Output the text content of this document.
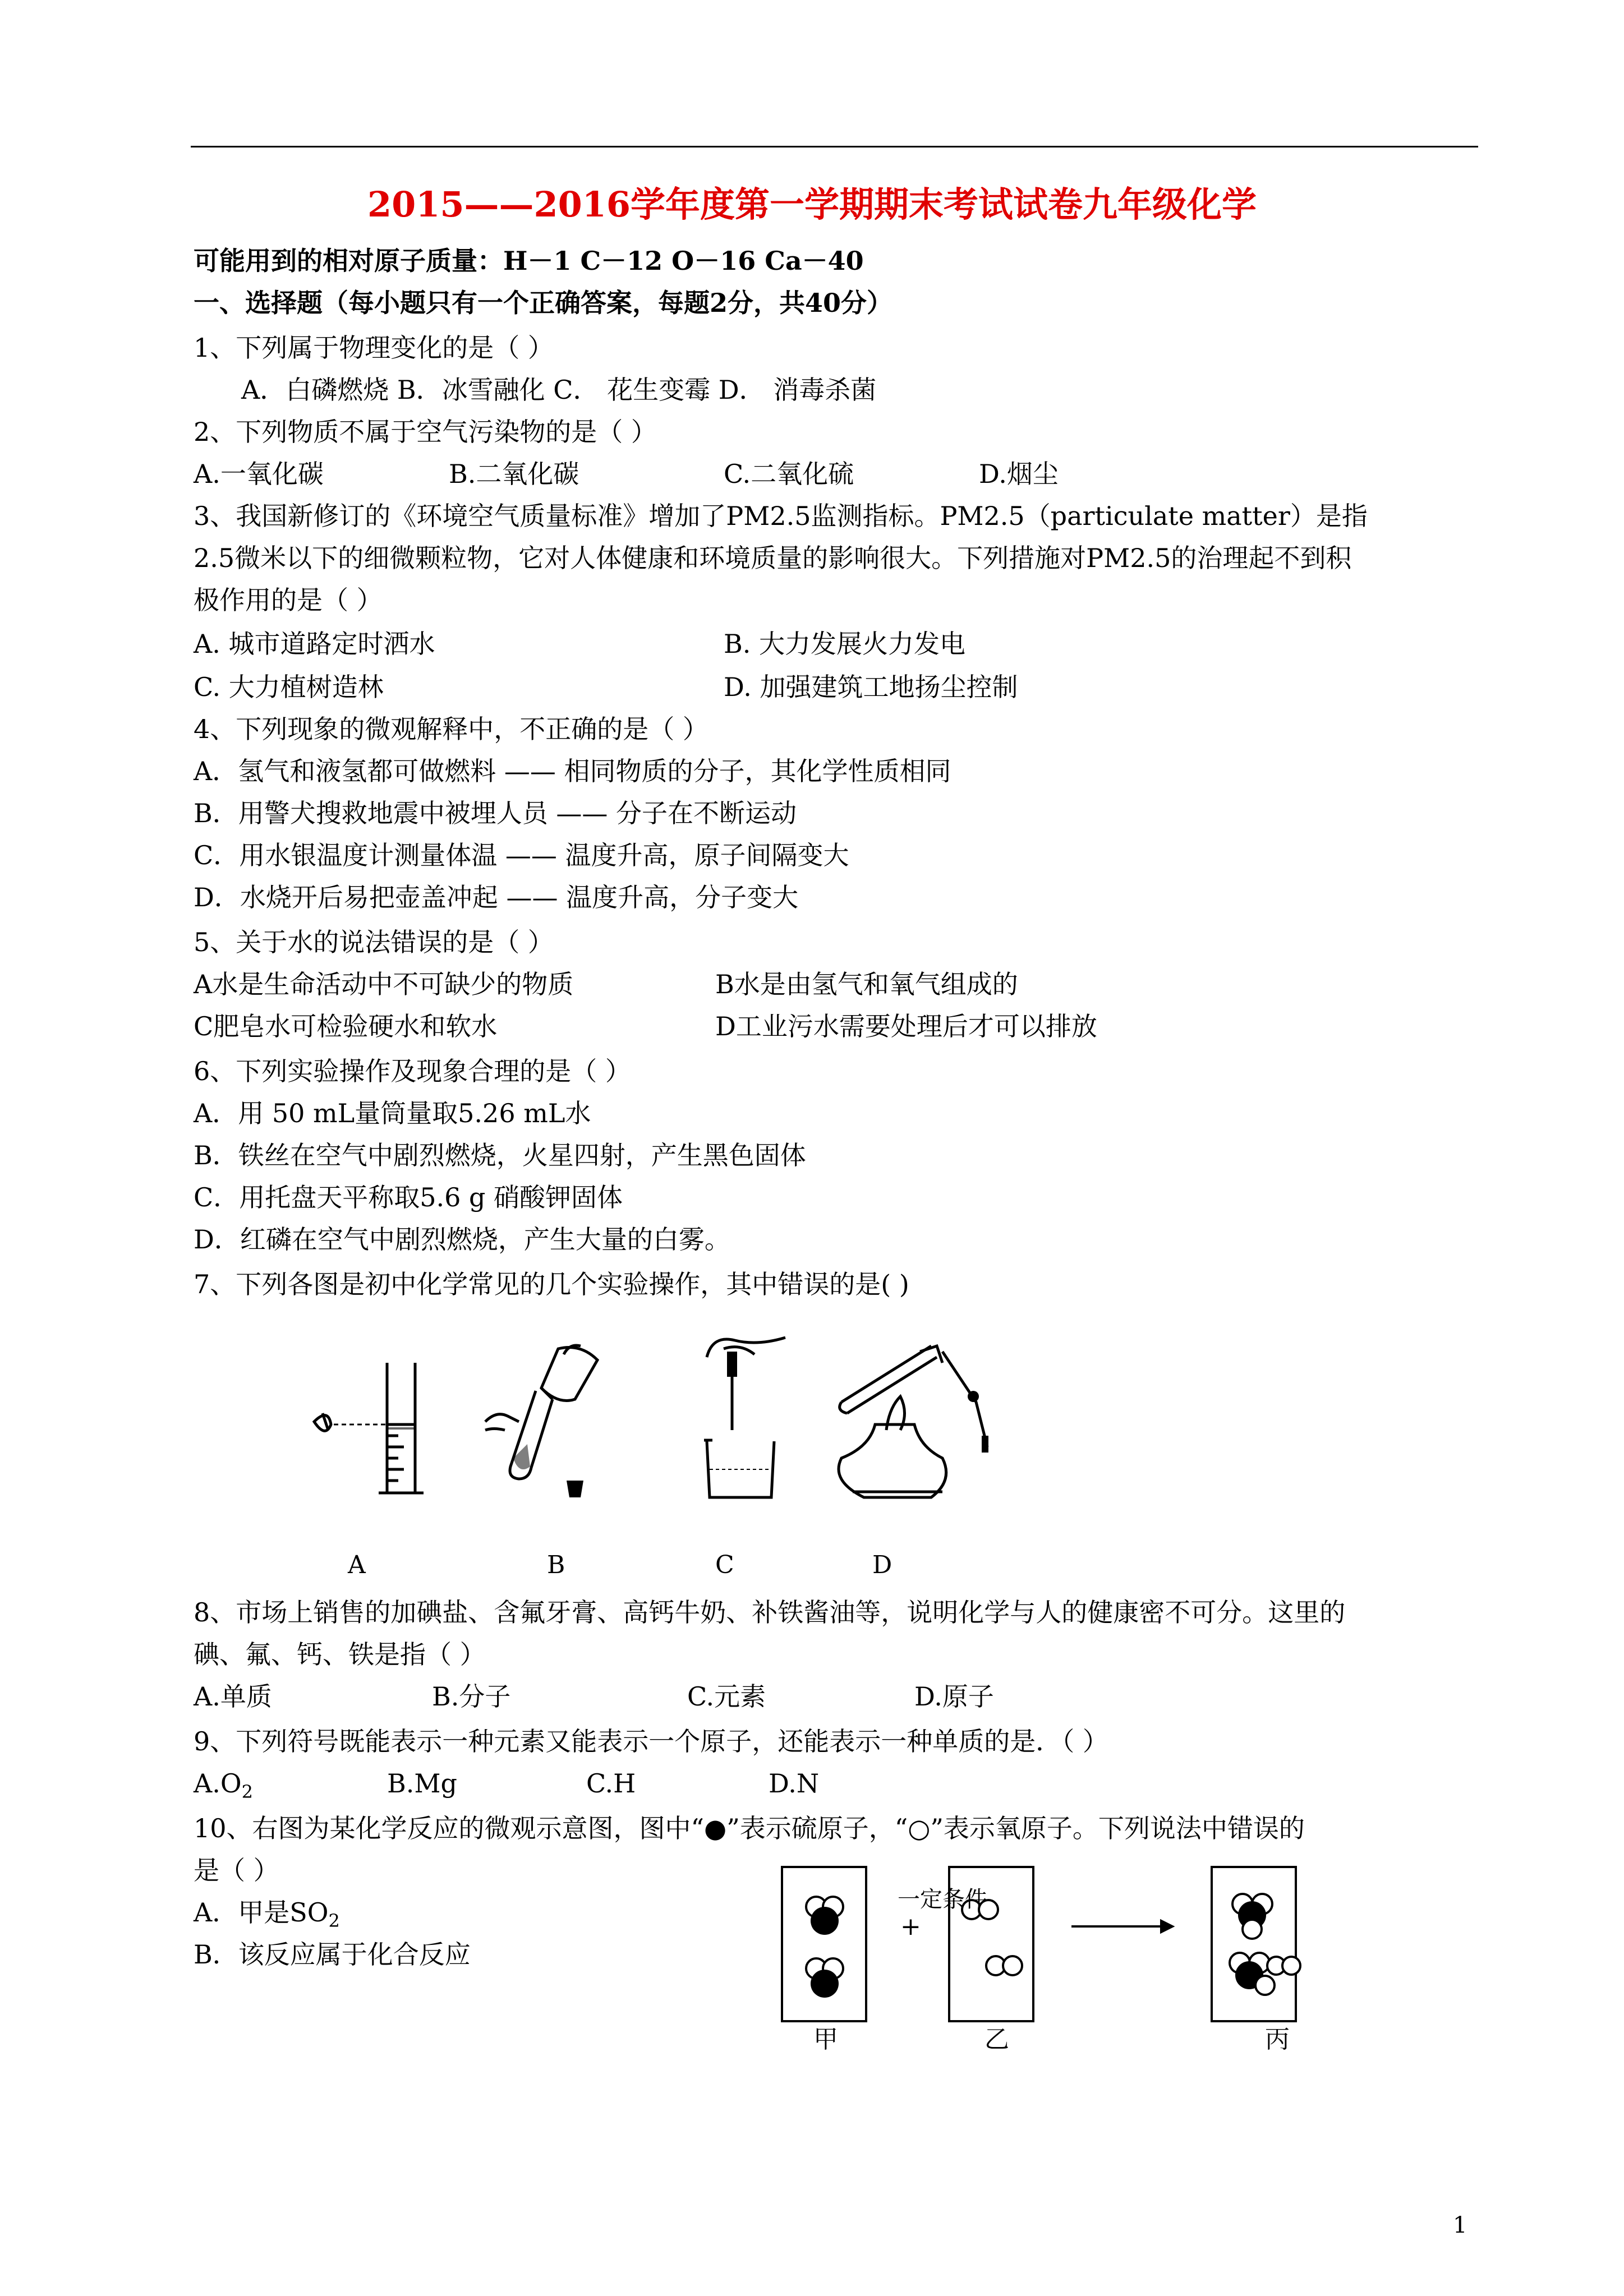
2015——2016学年度第一学期期末考试试卷九年级化学
可能用到的相对原子质量：H－1 C－12 O－16 Ca－40
一、选择题（每小题只有一个正确答案，每题2分，共40分）
1、下列属于物理变化的是（ ）
A．白磷燃烧 B．冰雪融化 C． 花生变霉 D． 消毒杀菌
2、下列物质不属于空气污染物的是（ ）
A.一氧化碳	B.二氧化碳	C.二氧化硫	D.烟尘
3、我国新修订的《环境空气质量标准》增加了PM2.5监测指标。PM2.5（particulate matter）是指
2.5微米以下的细微颗粒物，它对人体健康和环境质量的影响很大。下列措施对PM2.5的治理起不到积
极作用的是（ ）
A. 城市道路定时洒水	B. 大力发展火力发电
C. 大力植树造林	D. 加强建筑工地扬尘控制
4、下列现象的微观解释中，不正确的是（ ）
A．氢气和液氢都可做燃料 —— 相同物质的分子，其化学性质相同
B．用警犬搜救地震中被埋人员 —— 分子在不断运动
C．用水银温度计测量体温 —— 温度升高，原子间隔变大
D．水烧开后易把壶盖冲起 —— 温度升高，分子变大
5、关于水的说法错误的是（ ）
A水是生命活动中不可缺少的物质	B水是由氢气和氧气组成的
C肥皂水可检验硬水和软水	D工业污水需要处理后才可以排放
6、下列实验操作及现象合理的是（ ）
A．用 50 mL量筒量取5.26 mL水
B．铁丝在空气中剧烈燃烧，火星四射，产生黑色固体
C．用托盘天平称取5.6 g 硝酸钾固体
D．红磷在空气中剧烈燃烧，产生大量的白雾。
7、下列各图是初中化学常见的几个实验操作，其中错误的是( )
A	B	C	D
8、市场上销售的加碘盐、含氟牙膏、高钙牛奶、补铁酱油等，说明化学与人的健康密不可分。这里的
碘、氟、钙、铁是指（ ）
A.单质	B.分子	C.元素	D.原子
9、下列符号既能表示一种元素又能表示一个原子，还能表示一种单质的是．（ ）
$A.O_2$	B.Mg	C.H	D.N
10、右图为某化学反应的微观示意图，图中“●”表示硫原子，“○”表示氧原子。下列说法中错误的
是（ ）
A．甲是$SO_2$
B．该反应属于化合反应
一定条件
+
甲	乙	丙
1
